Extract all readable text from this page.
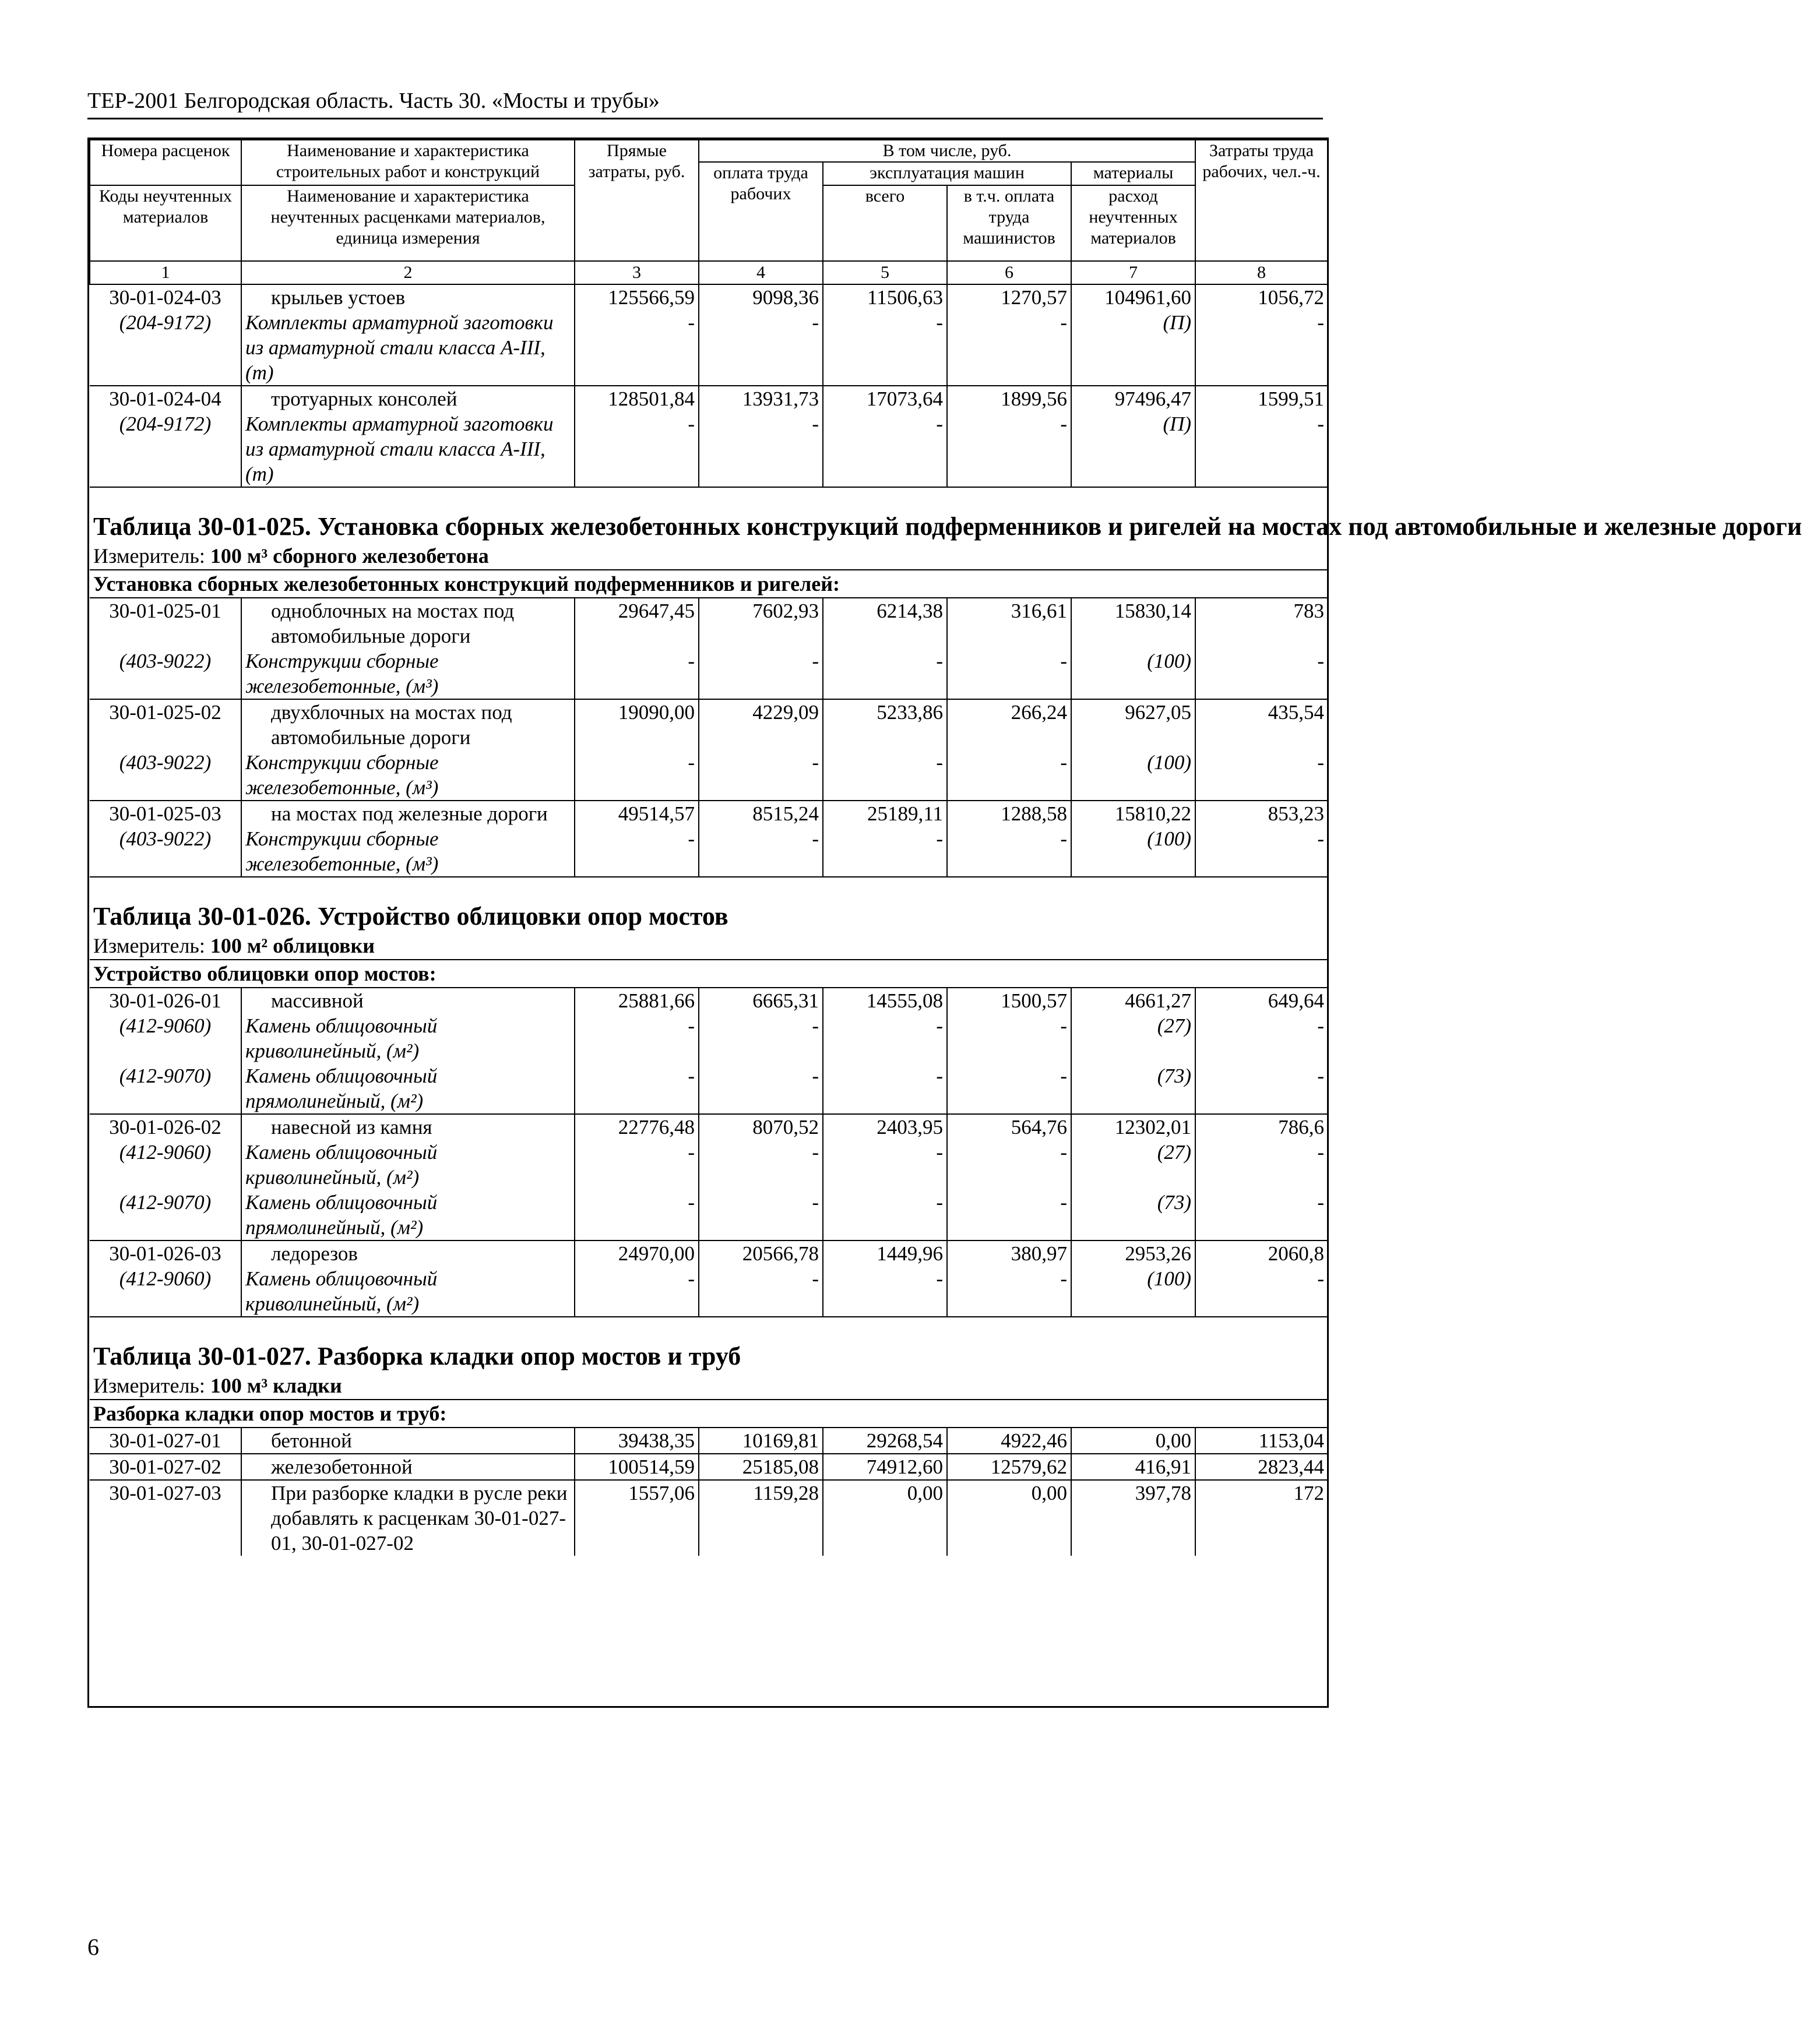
ТЕР-2001 Белгородская область. Часть 30. «Мосты и трубы»
Номера расценок	Наименование и характеристика строительных работ и конструкций	Прямые затраты, руб.	В том числе, руб.				Затраты труда рабочих, чел.-ч.
			оплата труда рабочих	эксплуатация машин		материалы	
Коды неучтенных материалов	Наименование и характеристика неучтенных расценками материалов, единица измерения			всего	в т.ч. оплата труда машинистов	расход неучтенных материалов	

1	2	3	4	5	6	7	8
30-01-024-03	крыльев устоев	125566,59	9098,36	11506,63	1270,57	104961,60	1056,72
(204-9172)	Комплекты арматурной заготовки из арматурной стали класса А-III, (т)	-	-	-	-	(П)	-
30-01-024-04	тротуарных консолей	128501,84	13931,73	17073,64	1899,56	97496,47	1599,51
(204-9172)	Комплекты арматурной заготовки из арматурной стали класса А-III, (т)	-	-	-	-	(П)	-

Таблица 30-01-025. Установка сборных железобетонных конструкций подферменников и ригелей на мостах под автомобильные и железные дороги							
Измеритель: 100 м³ сборного железобетона							
Установка сборных железобетонных конструкций подферменников и ригелей:							
30-01-025-01	одноблочных на мостах под автомобильные дороги	29647,45	7602,93	6214,38	316,61	15830,14	783
(403-9022)	Конструкции сборные железобетонные, (м³)	-	-	-	-	(100)	-
30-01-025-02	двухблочных на мостах под автомобильные дороги	19090,00	4229,09	5233,86	266,24	9627,05	435,54
(403-9022)	Конструкции сборные железобетонные, (м³)	-	-	-	-	(100)	-
30-01-025-03	на мостах под железные дороги	49514,57	8515,24	25189,11	1288,58	15810,22	853,23
(403-9022)	Конструкции сборные железобетонные, (м³)	-	-	-	-	(100)	-

Таблица 30-01-026. Устройство облицовки опор мостов							
Измеритель: 100 м² облицовки							
Устройство облицовки опор мостов:							
30-01-026-01	массивной	25881,66	6665,31	14555,08	1500,57	4661,27	649,64
(412-9060)	Камень облицовочный криволинейный, (м²)	-	-	-	-	(27)	-
(412-9070)	Камень облицовочный прямолинейный, (м²)	-	-	-	-	(73)	-
30-01-026-02	навесной из камня	22776,48	8070,52	2403,95	564,76	12302,01	786,6
(412-9060)	Камень облицовочный криволинейный, (м²)	-	-	-	-	(27)	-
(412-9070)	Камень облицовочный прямолинейный, (м²)	-	-	-	-	(73)	-
30-01-026-03	ледорезов	24970,00	20566,78	1449,96	380,97	2953,26	2060,8
(412-9060)	Камень облицовочный криволинейный, (м²)	-	-	-	-	(100)	-

Таблица 30-01-027. Разборка кладки опор мостов и труб							
Измеритель: 100 м³ кладки							
Разборка кладки опор мостов и труб:							
30-01-027-01	бетонной	39438,35	10169,81	29268,54	4922,46	0,00	1153,04
30-01-027-02	железобетонной	100514,59	25185,08	74912,60	12579,62	416,91	2823,44
30-01-027-03	При разборке кладки в русле реки добавлять к расценкам 30-01-027-01, 30-01-027-02	1557,06	1159,28	0,00	0,00	397,78	172
6
